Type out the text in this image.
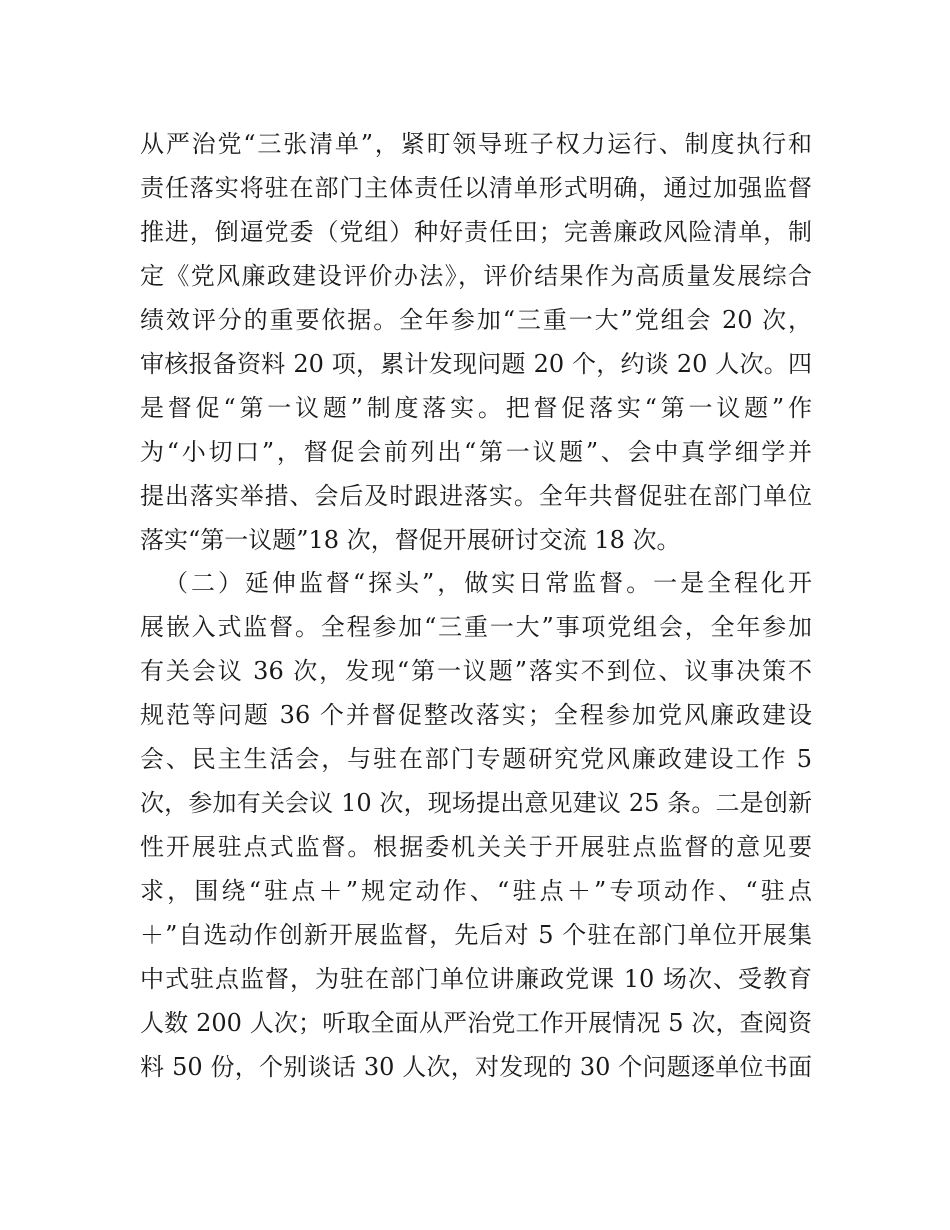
从严治党“三张清单”，紧盯领导班子权力运行、制度执行和
责任落实将驻在部门主体责任以清单形式明确，通过加强监督
推进，倒逼党委（党组）种好责任田；完善廉政风险清单，制
定《党风廉政建设评价办法》，评价结果作为高质量发展综合
绩效评分的重要依据。全年参加“三重一大”党组会 20 次，
审核报备资料 20 项，累计发现问题 20 个，约谈 20 人次。四
是督促“第一议题”制度落实。把督促落实“第一议题”作
为“小切口”，督促会前列出“第一议题”、会中真学细学并
提出落实举措、会后及时跟进落实。全年共督促驻在部门单位
落实“第一议题”18 次，督促开展研讨交流 18 次。
（二）延伸监督“探头”，做实日常监督。一是全程化开
展嵌入式监督。全程参加“三重一大”事项党组会，全年参加
有关会议 36 次，发现“第一议题”落实不到位、议事决策不
规范等问题 36 个并督促整改落实；全程参加党风廉政建设
会、民主生活会，与驻在部门专题研究党风廉政建设工作 5
次，参加有关会议 10 次，现场提出意见建议 25 条。二是创新
性开展驻点式监督。根据委机关关于开展驻点监督的意见要
求，围绕“驻点＋”规定动作、“驻点＋”专项动作、“驻点
＋”自选动作创新开展监督，先后对 5 个驻在部门单位开展集
中式驻点监督，为驻在部门单位讲廉政党课 10 场次、受教育
人数 200 人次；听取全面从严治党工作开展情况 5 次，查阅资
料 50 份，个别谈话 30 人次，对发现的 30 个问题逐单位书面
